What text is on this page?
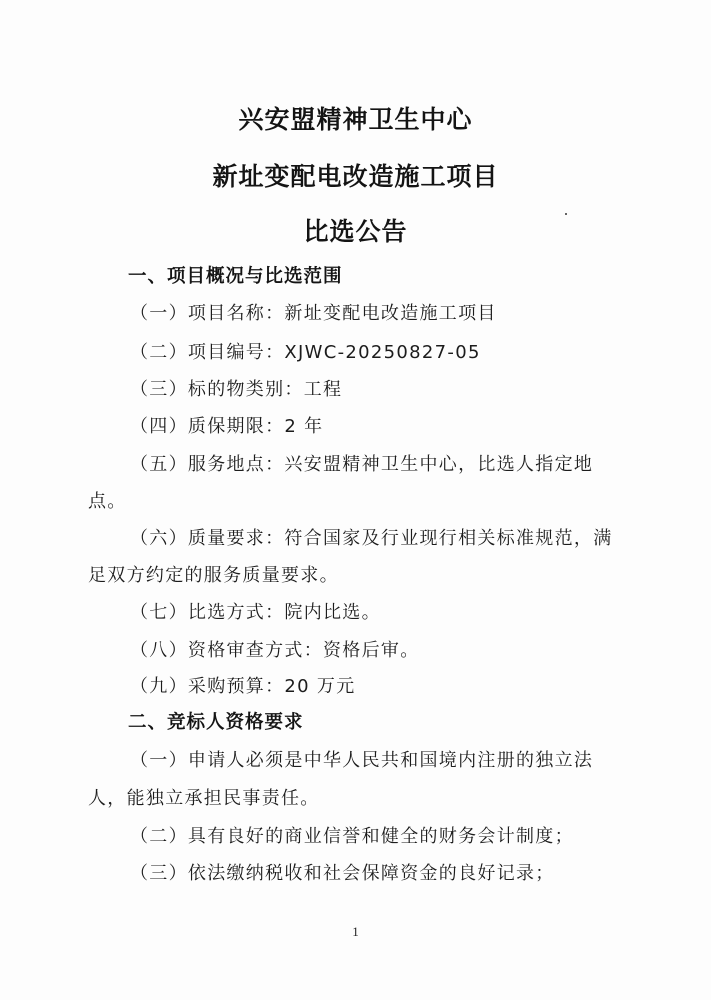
兴安盟精神卫生中心
新址变配电改造施工项目
比选公告
一、项目概况与比选范围
（一）项目名称：新址变配电改造施工项目
（二）项目编号：XJWC-20250827-05
（三）标的物类别：工程
（四）质保期限：2 年
（五）服务地点：兴安盟精神卫生中心，比选人指定地
点。
（六）质量要求：符合国家及行业现行相关标准规范，满
足双方约定的服务质量要求。
（七）比选方式：院内比选。
（八）资格审查方式：资格后审。
（九）采购预算：20 万元
二、竞标人资格要求
（一）申请人必须是中华人民共和国境内注册的独立法
人，能独立承担民事责任。
（二）具有良好的商业信誉和健全的财务会计制度；
（三）依法缴纳税收和社会保障资金的良好记录；
1
